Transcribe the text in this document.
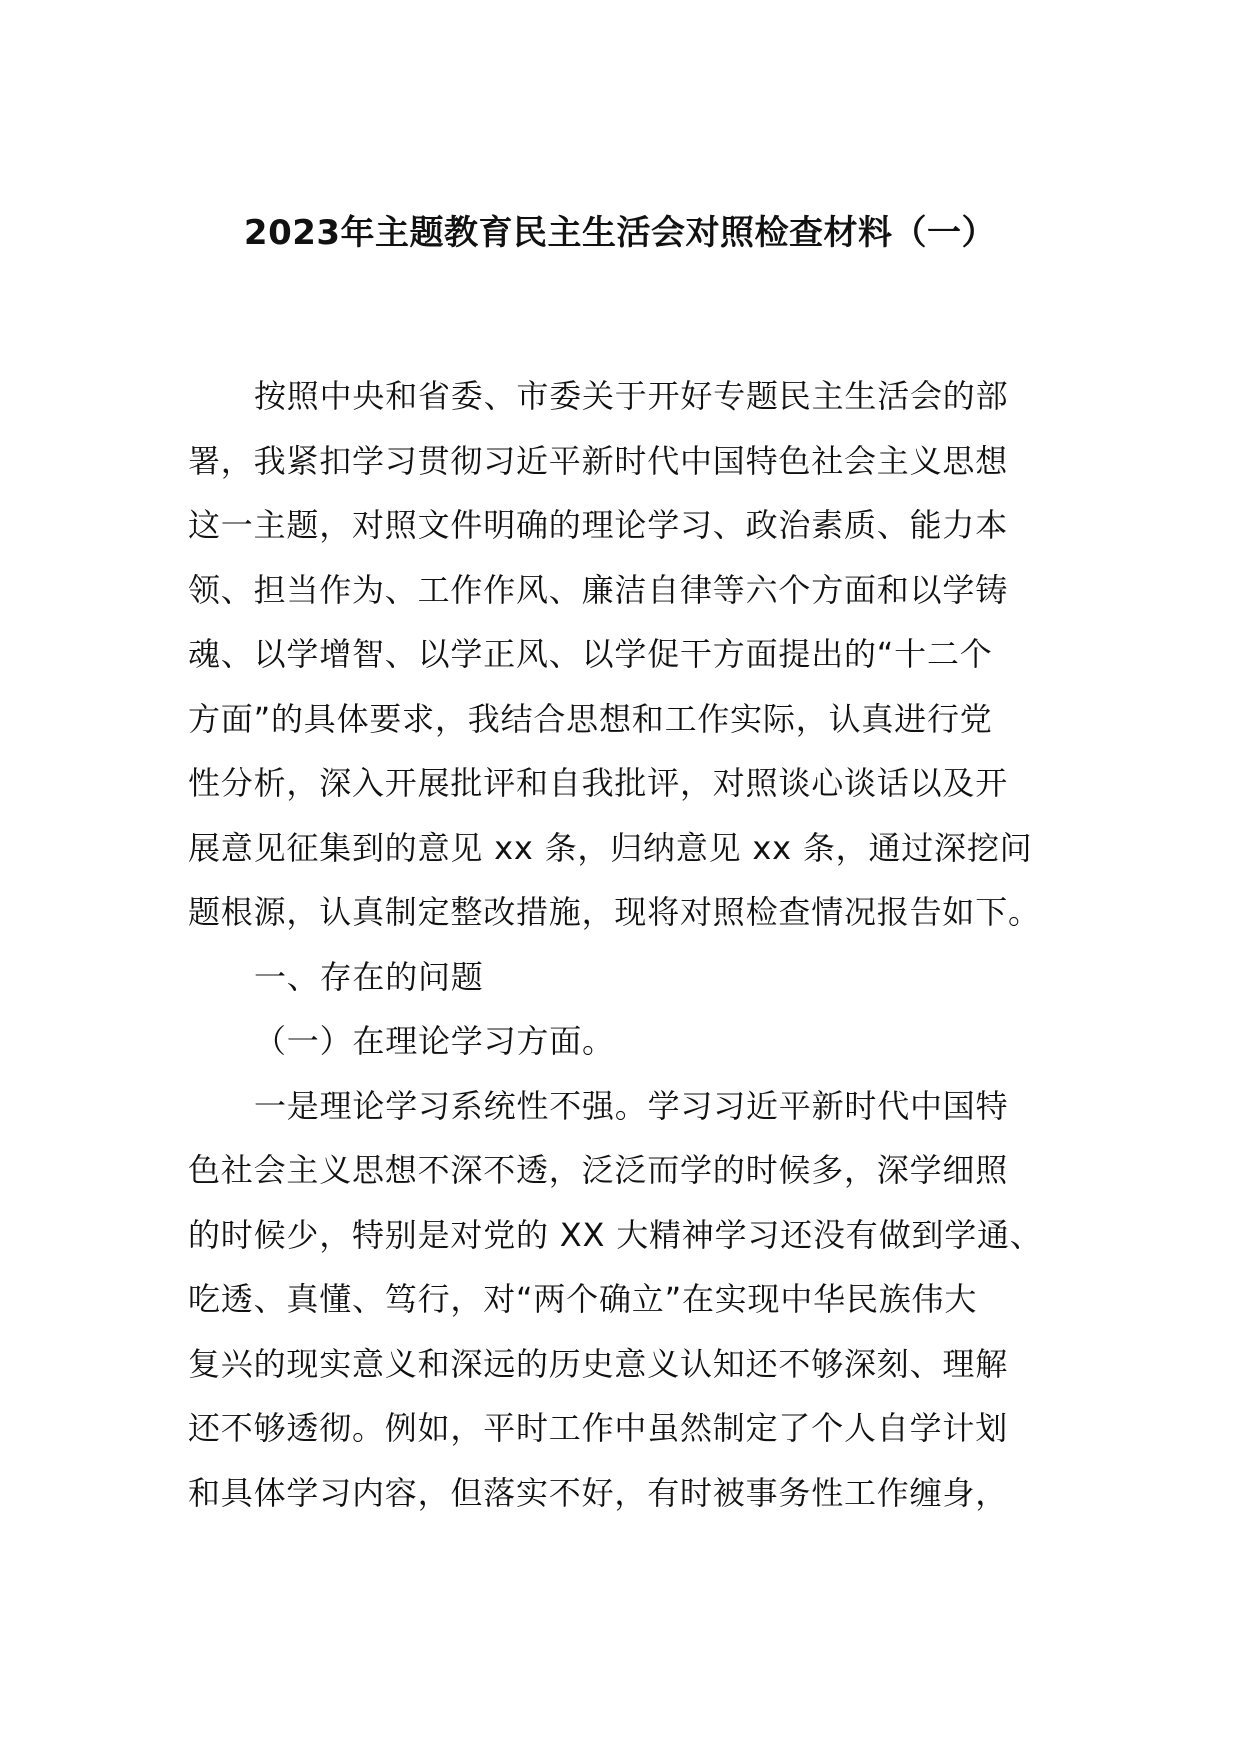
2023年主题教育民主生活会对照检查材料（一）
按照中央和省委、市委关于开好专题民主生活会的部
署，我紧扣学习贯彻习近平新时代中国特色社会主义思想
这一主题，对照文件明确的理论学习、政治素质、能力本
领、担当作为、工作作风、廉洁自律等六个方面和以学铸
魂、以学增智、以学正风、以学促干方面提出的“十二个
方面”的具体要求，我结合思想和工作实际，认真进行党
性分析，深入开展批评和自我批评，对照谈心谈话以及开
展意见征集到的意见 xx 条，归纳意见 xx 条，通过深挖问
题根源，认真制定整改措施，现将对照检查情况报告如下。
一、存在的问题
（一）在理论学习方面。
一是理论学习系统性不强。学习习近平新时代中国特
色社会主义思想不深不透，泛泛而学的时候多，深学细照
的时候少，特别是对党的 XX 大精神学习还没有做到学通、
吃透、真懂、笃行，对“两个确立”在实现中华民族伟大
复兴的现实意义和深远的历史意义认知还不够深刻、理解
还不够透彻。例如，平时工作中虽然制定了个人自学计划
和具体学习内容，但落实不好，有时被事务性工作缠身，
